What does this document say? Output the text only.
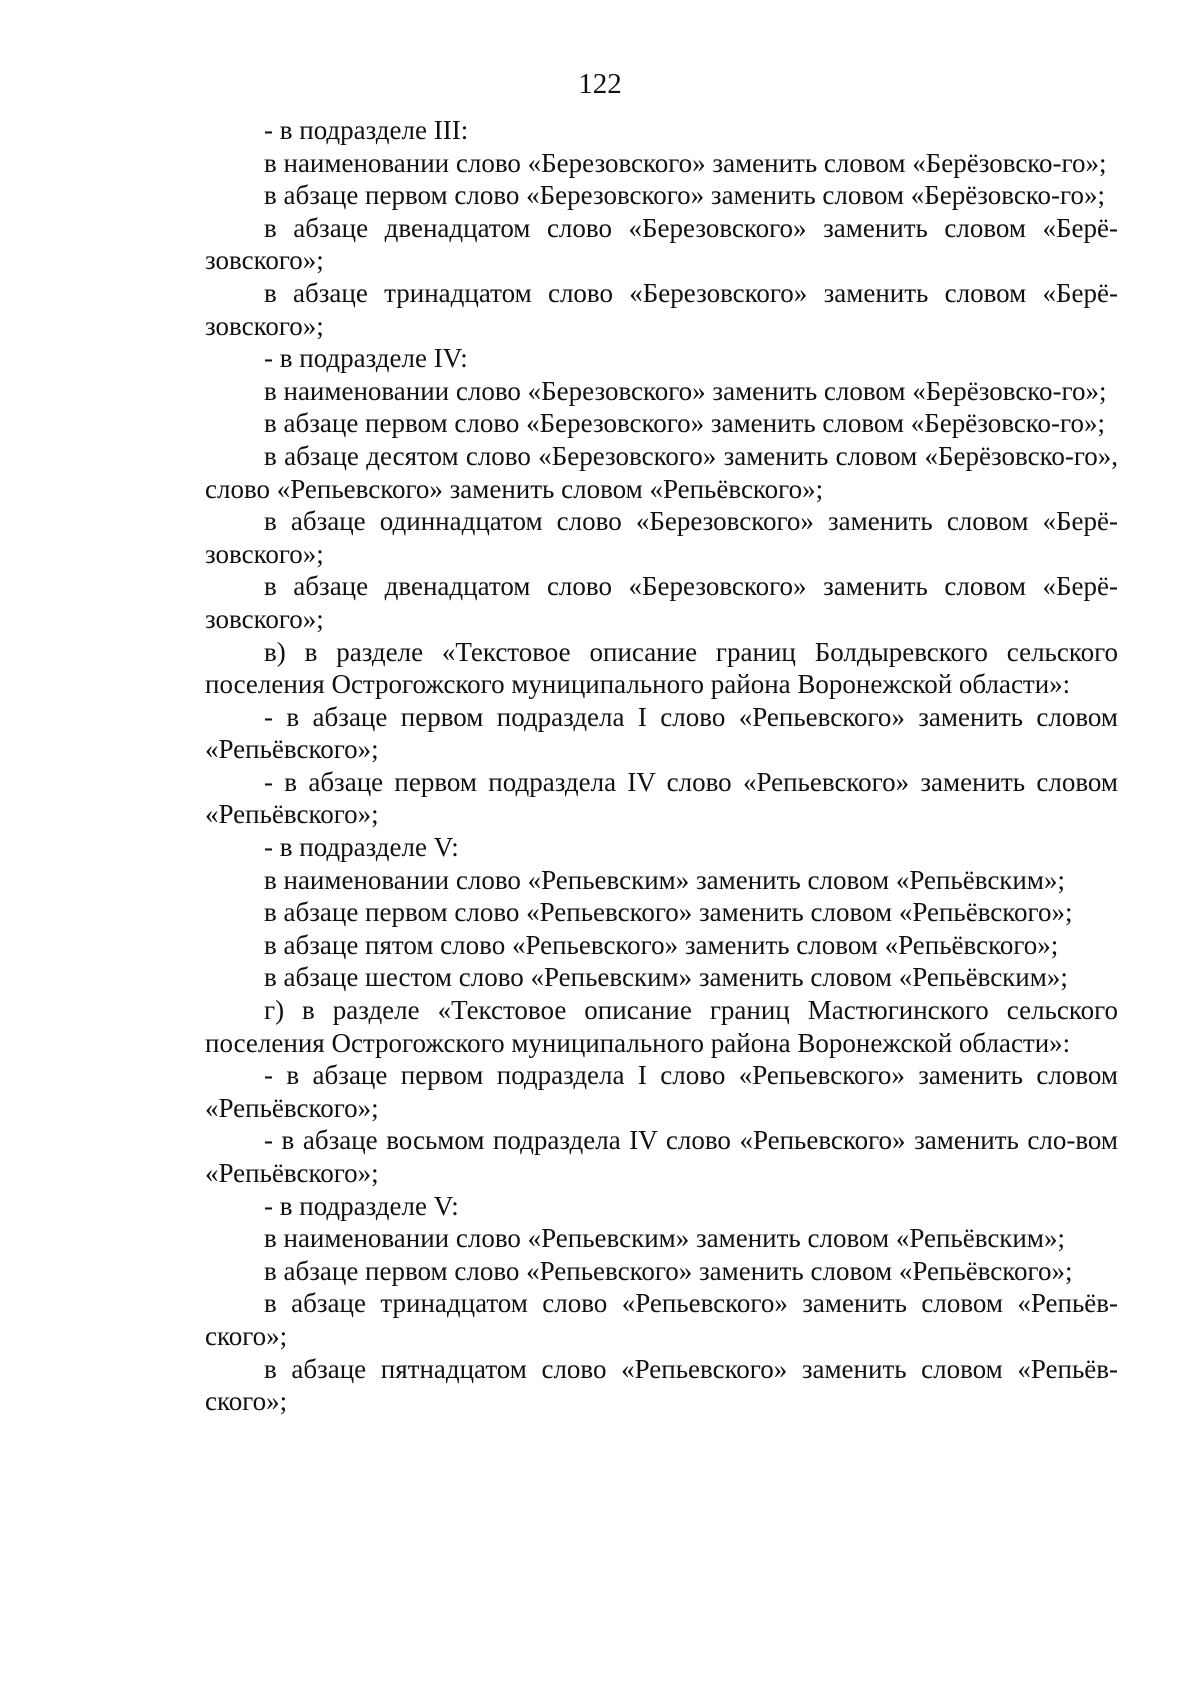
122

- в подразделе III:

в наименовании слово «Березовского» заменить словом «Берёзовско-го»;

в абзаце первом слово «Березовского» заменить словом «Берёзовско-го»;

в абзаце двенадцатом слово «Березовского» заменить словом «Берё-зовского»;

в абзаце тринадцатом слово «Березовского» заменить словом «Берё-зовского»;

- в подразделе IV:

в наименовании слово «Березовского» заменить словом «Берёзовско-го»;

в абзаце первом слово «Березовского» заменить словом «Берёзовско-го»;

в абзаце десятом слово «Березовского» заменить словом «Берёзовско-го», слово «Репьевского» заменить словом «Репьёвского»;

в абзаце одиннадцатом слово «Березовского» заменить словом «Берё-зовского»;

в абзаце двенадцатом слово «Березовского» заменить словом «Берё-зовского»;

в) в разделе «Текстовое описание границ Болдыревского сельского поселения Острогожского муниципального района Воронежской области»:

- в абзаце первом подраздела I слово «Репьевского» заменить словом «Репьёвского»;

- в абзаце первом подраздела IV слово «Репьевского» заменить словом «Репьёвского»;

- в подразделе V:

в наименовании слово «Репьевским» заменить словом «Репьёвским»;

в абзаце первом слово «Репьевского» заменить словом «Репьёвского»;

в абзаце пятом слово «Репьевского» заменить словом «Репьёвского»;

в абзаце шестом слово «Репьевским» заменить словом «Репьёвским»;

г) в разделе «Текстовое описание границ Мастюгинского сельского поселения Острогожского муниципального района Воронежской области»:

- в абзаце первом подраздела I слово «Репьевского» заменить словом «Репьёвского»;

- в абзаце восьмом подраздела IV слово «Репьевского» заменить сло-вом «Репьёвского»;

- в подразделе V:

в наименовании слово «Репьевским» заменить словом «Репьёвским»;

в абзаце первом слово «Репьевского» заменить словом «Репьёвского»;

в абзаце тринадцатом слово «Репьевского» заменить словом «Репьёв-ского»;

в абзаце пятнадцатом слово «Репьевского» заменить словом «Репьёв-ского»;
